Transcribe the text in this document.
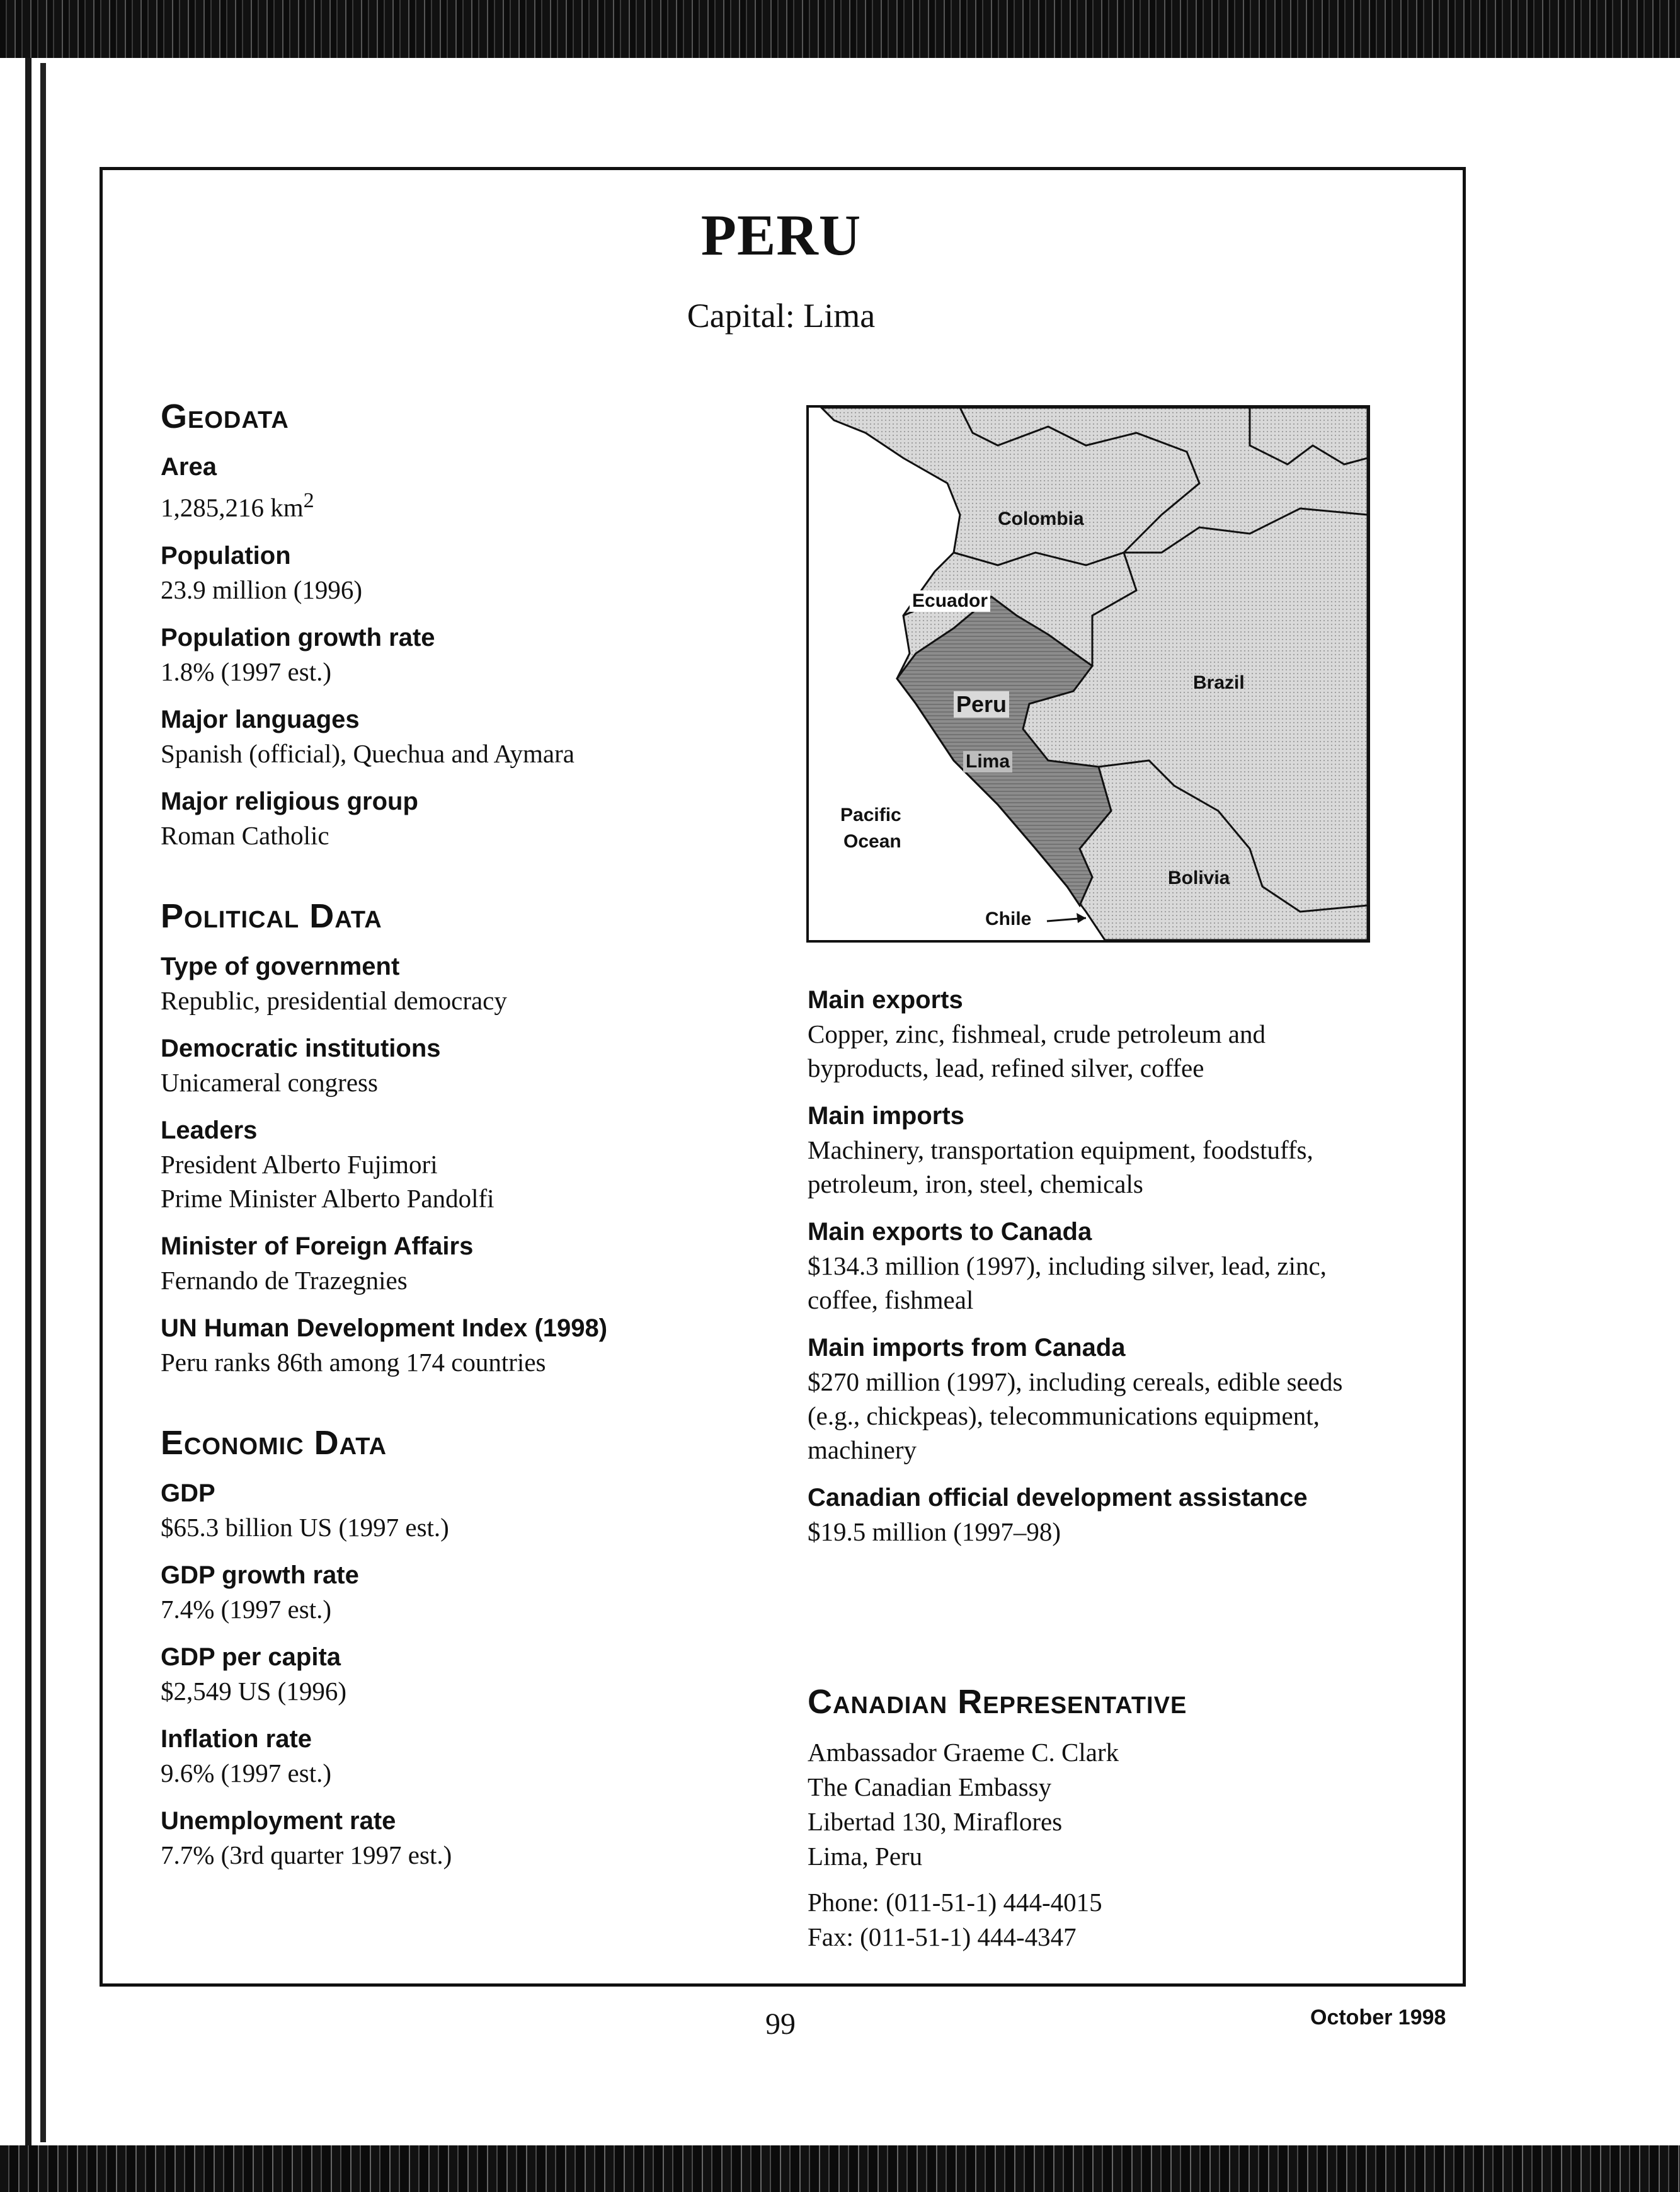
PERU
Capital: Lima
Geodata
Area
1,285,216 $km^2$
Population
23.9 million (1996)
Population growth rate
1.8% (1997 est.)
Major languages
Spanish (official), Quechua and Aymara
Major religious group
Roman Catholic
Political Data
Type of government
Republic, presidential democracy
Democratic institutions
Unicameral congress
Leaders
President Alberto Fujimori
Prime Minister Alberto Pandolfi
Minister of Foreign Affairs
Fernando de Trazegnies
UN Human Development Index (1998)
Peru ranks 86th among 174 countries
Economic Data
GDP
$65.3 billion US (1997 est.)
GDP growth rate
7.4% (1997 est.)
GDP per capita
$2,549 US (1996)
Inflation rate
9.6% (1997 est.)
Unemployment rate
7.7% (3rd quarter 1997 est.)
Colombia
Ecuador
Peru
Brazil
Lima
Pacific
Ocean
Bolivia
Chile
Main exports
Copper, zinc, fishmeal, crude petroleum and
byproducts, lead, refined silver, coffee
Main imports
Machinery, transportation equipment, foodstuffs,
petroleum, iron, steel, chemicals
Main exports to Canada
$134.3 million (1997), including silver, lead, zinc,
coffee, fishmeal
Main imports from Canada
$270 million (1997), including cereals, edible seeds
(e.g., chickpeas), telecommunications equipment,
machinery
Canadian official development assistance
$19.5 million (1997–98)
Canadian Representative
Ambassador Graeme C. Clark
The Canadian Embassy
Libertad 130, Miraflores
Lima, Peru
Phone: (011-51-1) 444-4015
Fax: (011-51-1) 444-4347
99	October 1998
